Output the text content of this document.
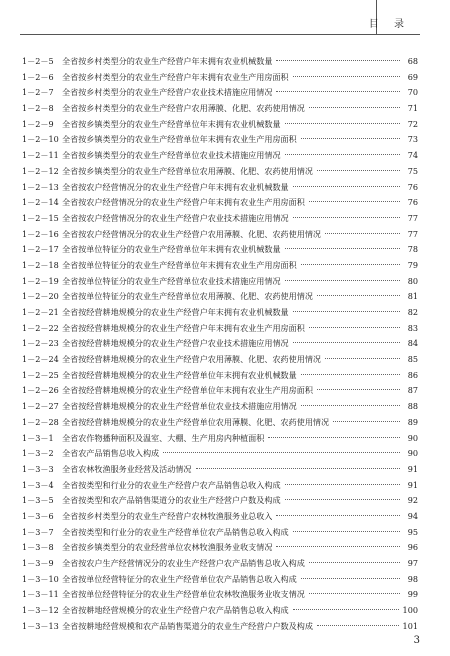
目 录
1－2－5	全省按乡村类型分的农业生产经营户年末拥有农业机械数量	68
1－2－6	全省按乡村类型分的农业生产经营户年末拥有农业生产用房面积	69
1－2－7	全省按乡村类型分的农业生产经营户农业技术措施应用情况	70
1－2－8	全省按乡村类型分的农业生产经营户农用薄膜、化肥、农药使用情况	71
1－2－9	全省按乡镇类型分的农业生产经营单位年末拥有农业机械数量	72
1－2－10 全省按乡镇类型分的农业生产经营单位年末拥有农业生产用房面积	73
1－2－11 全省按乡镇类型分的农业生产经营单位农业技术措施应用情况	74
1－2－12 全省按乡镇类型分的农业生产经营单位农用薄膜、化肥、农药使用情况	75
1－2－13 全省按农户经营情况分的农业生产经营户年末拥有农业机械数量	76
1－2－14 全省按农户经营情况分的农业生产经营户年末拥有农业生产用房面积	76
1－2－15 全省按农户经营情况分的农业生产经营户农业技术措施应用情况	77
1－2－16 全省按农户经营情况分的农业生产经营户农用薄膜、化肥、农药使用情况	77
1－2－17 全省按单位特征分的农业生产经营单位年末拥有农业机械数量	78
1－2－18 全省按单位特征分的农业生产经营单位年末拥有农业生产用房面积	79
1－2－19 全省按单位特征分的农业生产经营单位农业技术措施应用情况	80
1－2－20 全省按单位特征分的农业生产经营单位农用薄膜、化肥、农药使用情况	81
1－2－21 全省按经营耕地规模分的农业生产经营户年末拥有农业机械数量	82
1－2－22 全省按经营耕地规模分的农业生产经营户年末拥有农业生产用房面积	83
1－2－23 全省按经营耕地规模分的农业生产经营户农业技术措施应用情况	84
1－2－24 全省按经营耕地规模分的农业生产经营户农用薄膜、化肥、农药使用情况	85
1－2－25 全省按经营耕地规模分的农业生产经营单位年末拥有农业机械数量	86
1－2－26 全省按经营耕地规模分的农业生产经营单位年末拥有农业生产用房面积	87
1－2－27 全省按经营耕地规模分的农业生产经营单位农业技术措施应用情况	88
1－2－28 全省按经营耕地规模分的农业生产经营单位农用薄膜、化肥、农药使用情况	89
1－3－1	全省农作物播种面积及温室、大棚、生产用房内种植面积	90
1－3－2	全省农产品销售总收入构成	90
1－3－3	全省农林牧渔服务业经营及活动情况	91
1－3－4	全省按类型和行业分的农业生产经营户农产品销售总收入构成	91
1－3－5	全省按类型和农产品销售渠道分的农业生产经营户户数及构成	92
1－3－6	全省按乡村类型分的农业生产经营户农林牧渔服务业总收入	94
1－3－7	全省按类型和行业分的农业生产经营单位农产品销售总收入构成	95
1－3－8	全省按乡镇类型分的农业经营单位农林牧渔服务业收支情况	96
1－3－9	全省按农户生产经营情况分的农业生产经营户农产品销售总收入构成	97
1－3－10 全省按单位经营特征分的农业生产经营单位农产品销售总收入构成	98
1－3－11 全省按单位经营特征分的农业生产经营单位农林牧渔服务业收支情况	99
1－3－12 全省按耕地经营规模分的农业生产经营户农产品销售总收入构成	100
1－3－13 全省按耕地经营规模和农产品销售渠道分的农业生产经营户户数及构成	101
3
